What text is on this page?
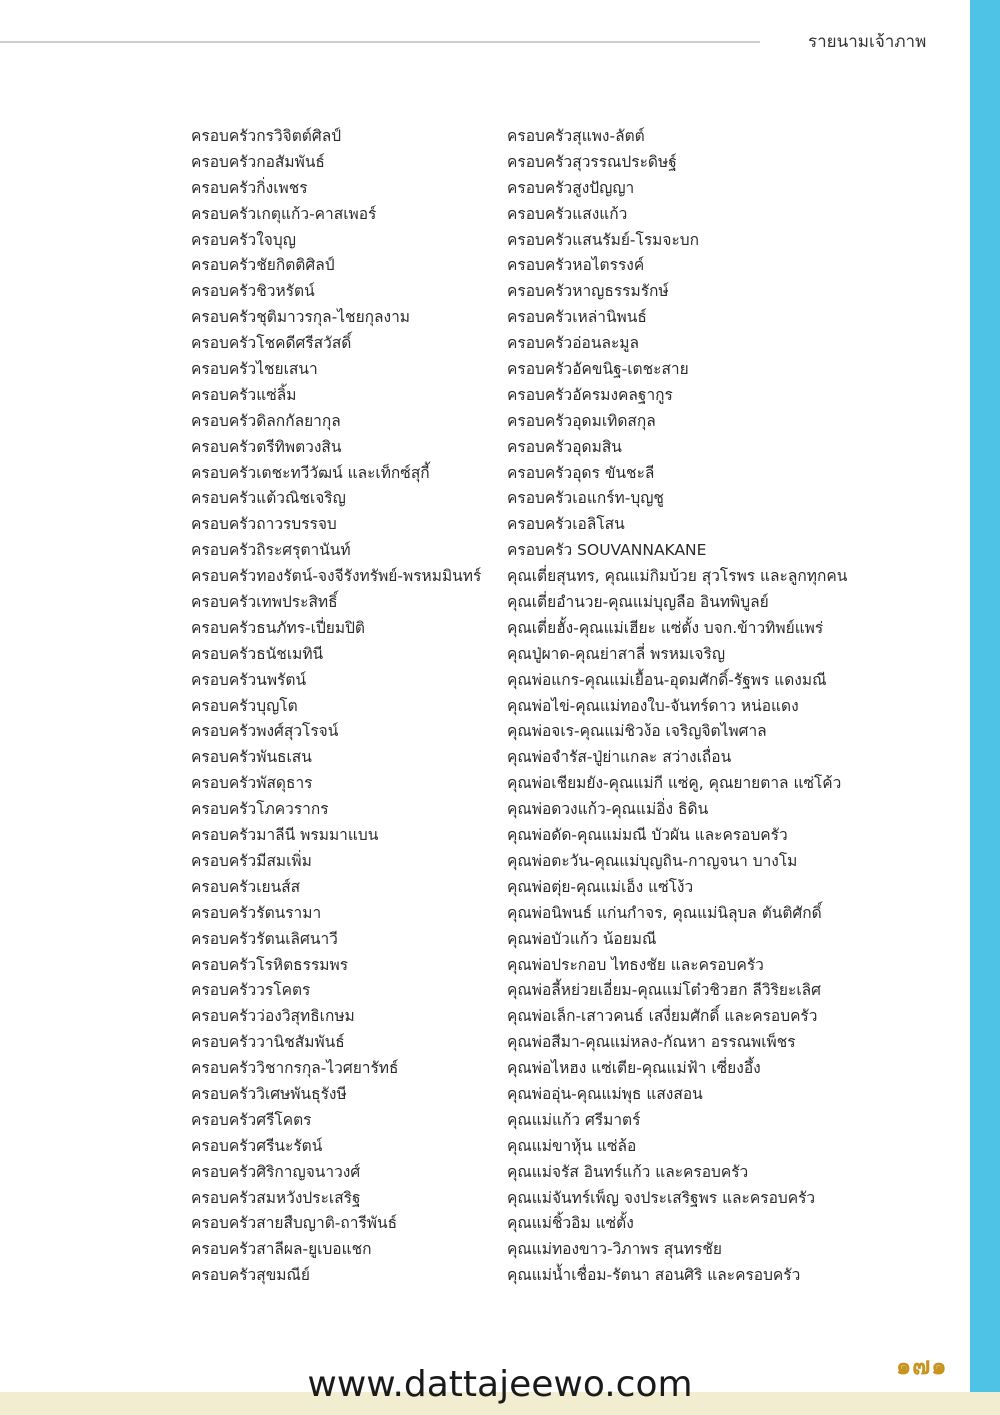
รายนามเจ้าภาพ
ครอบครัวกรวิจิตต์ศิลป์
ครอบครัวกอสัมพันธ์
ครอบครัวกิ่งเพชร
ครอบครัวเกตุแก้ว-คาสเพอร์
ครอบครัวใจบุญ
ครอบครัวชัยกิตติศิลป์
ครอบครัวชิวหรัตน์
ครอบครัวชุติมาวรกุล-ไชยกุลงาม
ครอบครัวโชคดีศรีสวัสดิ์
ครอบครัวไชยเสนา
ครอบครัวแซ่ลิ้ม
ครอบครัวดิลกกัลยากุล
ครอบครัวตรีทิพตวงสิน
ครอบครัวเตชะทวีวัฒน์ และเท็กซ์สุกี้
ครอบครัวแต้วณิชเจริญ
ครอบครัวถาวรบรรจบ
ครอบครัวถิระศรุตานันท์
ครอบครัวทองรัตน์-จงจีรังทรัพย์-พรหมมินทร์
ครอบครัวเทพประสิทธิ์
ครอบครัวธนภัทร-เปี่ยมปิติ
ครอบครัวธนัชเมทินี
ครอบครัวนพรัตน์
ครอบครัวบุญโต
ครอบครัวพงศ์สุวโรจน์
ครอบครัวพันธเสน
ครอบครัวพัสดุธาร
ครอบครัวโภควรากร
ครอบครัวมาลีนี พรมมาแบน
ครอบครัวมีสมเพิ่ม
ครอบครัวเยนส์ส
ครอบครัวรัตนรามา
ครอบครัวรัตนเลิศนาวี
ครอบครัวโรหิตธรรมพร
ครอบครัววรโคตร
ครอบครัวว่องวิสุทธิเกษม
ครอบครัววานิชสัมพันธ์
ครอบครัววิชากรกุล-ไวศยารัทธ์
ครอบครัววิเศษพันธุรังษี
ครอบครัวศรีโคตร
ครอบครัวศรีนะรัตน์
ครอบครัวศิริกาญจนาวงศ์
ครอบครัวสมหวังประเสริฐ
ครอบครัวสายสืบญาติ-ถารีพันธ์
ครอบครัวสาลีผล-ยูเบอแชก
ครอบครัวสุขมณีย์
ครอบครัวสุแพง-ลัตต์
ครอบครัวสุวรรณประดิษฐ์
ครอบครัวสูงปัญญา
ครอบครัวแสงแก้ว
ครอบครัวแสนรัมย์-โรมจะบก
ครอบครัวหอไตรรงค์
ครอบครัวหาญธรรมรักษ์
ครอบครัวเหล่านิพนธ์
ครอบครัวอ่อนละมูล
ครอบครัวอัคขนิฐ-เตชะสาย
ครอบครัวอัครมงคลฐากูร
ครอบครัวอุดมเทิดสกุล
ครอบครัวอุดมสิน
ครอบครัวอุดร ขันชะลี
ครอบครัวเอแกร์ท-บุญชู
ครอบครัวเอลิโสน
ครอบครัว SOUVANNAKANE
คุณเตี่ยสุนทร, คุณแม่กิมบ้วย สุวโรพร และลูกทุกคน
คุณเตี่ยอำนวย-คุณแม่บุญลือ อินทพิบูลย์
คุณเตี่ยฮั้ง-คุณแม่เฮียะ แซ่ตั้ง บจก.ข้าวทิพย์แพร่
คุณปู่ผาด-คุณย่าสาลี่ พรหมเจริญ
คุณพ่อแกร-คุณแม่เยื้อน-อุดมศักดิ์-รัฐพร แดงมณี
คุณพ่อไข่-คุณแม่ทองใบ-จันทร์ดาว หน่อแดง
คุณพ่อจเร-คุณแม่ชิวง้อ เจริญจิตไพศาล
คุณพ่อจำรัส-ปู่ย่าแกละ สว่างเถื่อน
คุณพ่อเชียมยัง-คุณแม่กี แซ่คู, คุณยายตาล แซ่โค้ว
คุณพ่อดวงแก้ว-คุณแม่อิ่ง ธิดิน
คุณพ่อดัด-คุณแม่มณี บัวผัน และครอบครัว
คุณพ่อตะวัน-คุณแม่บุญถิน-กาญจนา บางโม
คุณพ่อตุ่ย-คุณแม่เอ็ง แซ่โง้ว
คุณพ่อนิพนธ์ แก่นกำจร, คุณแม่นิลุบล ตันติศักดิ์
คุณพ่อบัวแก้ว น้อยมณี
คุณพ่อประกอบ ไทธงชัย และครอบครัว
คุณพ่อลี้หย่วยเอี่ยม-คุณแม่โต๋วชิวฮก ลีวิริยะเลิศ
คุณพ่อเล็ก-เสาวคนธ์ เสงี่ยมศักดิ์ และครอบครัว
คุณพ่อสีมา-คุณแม่หลง-กัณหา อรรณพเพ็ชร
คุณพ่อไหฮง แซ่เตีย-คุณแม่ฟ้า เซี่ยงอึ้ง
คุณพ่ออุ่น-คุณแม่พุธ แสงสอน
คุณแม่แก้ว ศรีมาตร์
คุณแม่ขาหุ้น แซ่ล้อ
คุณแม่จรัส อินทร์แก้ว และครอบครัว
คุณแม่จันทร์เพ็ญ จงประเสริฐพร และครอบครัว
คุณแม่ชิ้วอิม แซ่ตั้ง
คุณแม่ทองขาว-วิภาพร สุนทรชัย
คุณแม่น้ำเชื่อม-รัตนา สอนศิริ และครอบครัว
๑๗๑
www.dattajeewo.com
